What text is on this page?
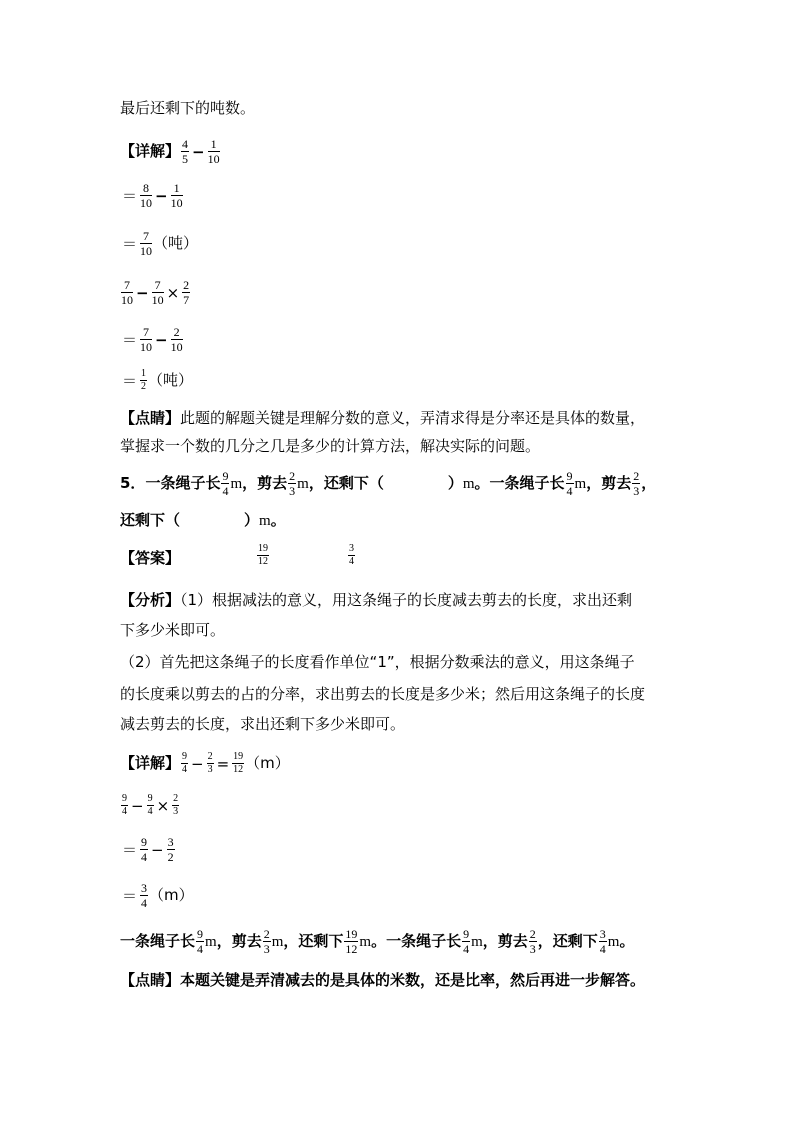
最后还剩下的吨数。
【详解】 $\frac{4}{5} - \frac{1}{10}$
＝ $\frac{8}{10} - \frac{1}{10}$
＝ $\frac{7}{10}$ （吨）
$\frac{7}{10} - \frac{7}{10} \times \frac{2}{7}$
＝ $\frac{7}{10} - \frac{2}{10}$
＝ $\frac{1}{2}$ （吨）
【点睛】此题的解题关键是理解分数的意义，弄清求得是分率还是具体的数量，
掌握求一个数的几分之几是多少的计算方法，解决实际的问题。
5．一条绳子长 $\frac{9}{4}$ m，剪去 $\frac{2}{3}$ m，还剩下（	）m。一条绳子长 $\frac{9}{4}$ m，剪去 $\frac{2}{3}$ ，
还剩下（	）m。
【答案】
19
12
3
4
【分析】（1）根据减法的意义，用这条绳子的长度减去剪去的长度，求出还剩
下多少米即可。
（2）首先把这条绳子的长度看作单位“1”，根据分数乘法的意义，用这条绳子
的长度乘以剪去的占的分率，求出剪去的长度是多少米；然后用这条绳子的长度
减去剪去的长度，求出还剩下多少米即可。
【详解】 $\frac{9}{4} - \frac{2}{3} = \frac{19}{12} (m)$
$\frac{9}{4} - \frac{9}{4} \times \frac{2}{3}$
＝ $\frac{9}{4} - \frac{3}{2}$
＝ $\frac{3}{4} (m)$
一条绳子长 $\frac{9}{4}$ m，剪去 $\frac{2}{3}$ m，还剩下 $\frac{19}{12}$ m。一条绳子长 $\frac{9}{4}$ m，剪去 $\frac{2}{3}$ ，还剩下 $\frac{3}{4}$ m。
【点睛】本题关键是弄清减去的是具体的米数，还是比率，然后再进一步解答。
